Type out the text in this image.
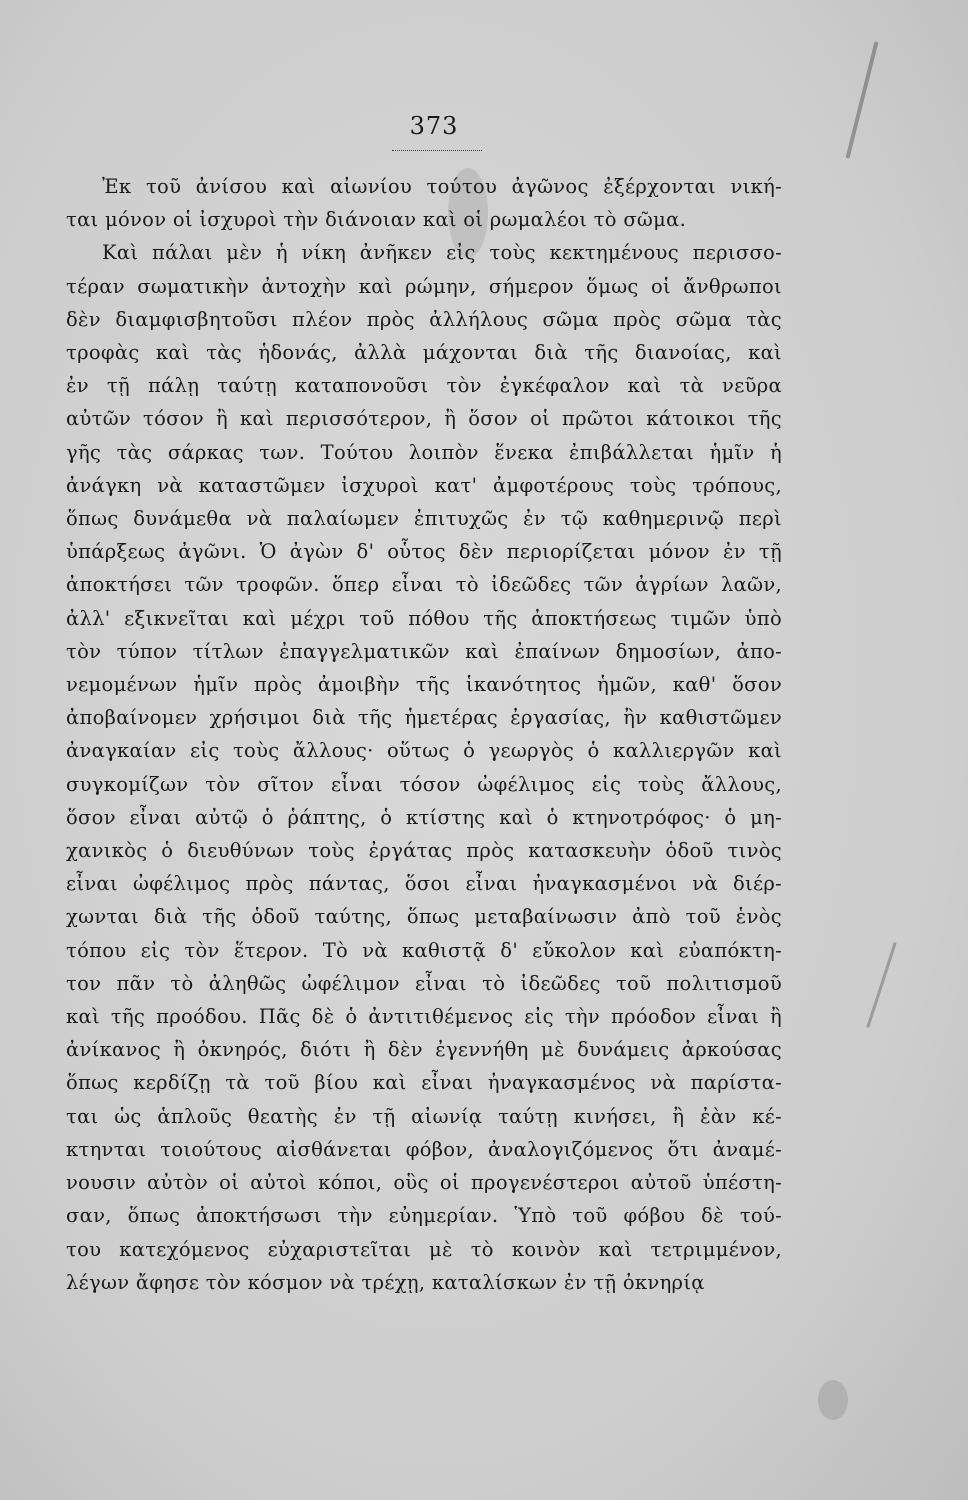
373
Ἐκ τοῦ ἀνίσου καὶ αἰωνίου τούτου ἀγῶνος ἐξέρχονται νική-
ται μόνον οἱ ἰσχυροὶ τὴν διάνοιαν καὶ οἱ ρωμαλέοι τὸ σῶμα.
Καὶ πάλαι μὲν ἡ νίκη ἀνῆκεν εἰς τοὺς κεκτημένους περισσο-
τέραν σωματικὴν ἀντοχὴν καὶ ρώμην, σήμερον ὅμως οἱ ἄνθρωποι
δὲν διαμφισβητοῦσι πλέον πρὸς ἀλλήλους σῶμα πρὸς σῶμα τὰς
τροφὰς καὶ τὰς ἡδονάς, ἀλλὰ μάχονται διὰ τῆς διανοίας, καὶ
ἐν τῇ πάλῃ ταύτῃ καταπονοῦσι τὸν ἐγκέφαλον καὶ τὰ νεῦρα
αὐτῶν τόσον ἢ καὶ περισσότερον, ἢ ὅσον οἱ πρῶτοι κάτοικοι τῆς
γῆς τὰς σάρκας των. Τούτου λοιπὸν ἕνεκα ἐπιβάλλεται ἡμῖν ἡ
ἀνάγκη νὰ καταστῶμεν ἰσχυροὶ κατ' ἀμφοτέρους τοὺς τρόπους,
ὅπως δυνάμεθα νὰ παλαίωμεν ἐπιτυχῶς ἐν τῷ καθημερινῷ περὶ
ὑπάρξεως ἀγῶνι. Ὁ ἀγὼν δ' οὗτος δὲν περιορίζεται μόνον ἐν τῇ
ἀποκτήσει τῶν τροφῶν. ὅπερ εἶναι τὸ ἰδεῶδες τῶν ἀγρίων λαῶν,
ἀλλ' εξικνεῖται καὶ μέχρι τοῦ πόθου τῆς ἀποκτήσεως τιμῶν ὑπὸ
τὸν τύπον τίτλων ἐπαγγελματικῶν καὶ ἐπαίνων δημοσίων, ἀπο-
νεμομένων ἡμῖν πρὸς ἀμοιβὴν τῆς ἱκανότητος ἡμῶν, καθ' ὅσον
ἀποβαίνομεν χρήσιμοι διὰ τῆς ἡμετέρας ἐργασίας, ἢν καθιστῶμεν
ἀναγκαίαν εἰς τοὺς ἄλλους· οὕτως ὁ γεωργὸς ὁ καλλιεργῶν καὶ
συγκομίζων τὸν σῖτον εἶναι τόσον ὠφέλιμος εἰς τοὺς ἄλλους,
ὅσον εἶναι αὐτῷ ὁ ῥάπτης, ὁ κτίστης καὶ ὁ κτηνοτρόφος· ὁ μη-
χανικὸς ὁ διευθύνων τοὺς ἐργάτας πρὸς κατασκευὴν ὁδοῦ τινὸς
εἶναι ὠφέλιμος πρὸς πάντας, ὅσοι εἶναι ἠναγκασμένοι νὰ διέρ-
χωνται διὰ τῆς ὁδοῦ ταύτης, ὅπως μεταβαίνωσιν ἀπὸ τοῦ ἑνὸς
τόπου εἰς τὸν ἕτερον. Τὸ νὰ καθιστᾷ δ' εὔκολον καὶ εὐαπόκτη-
τον πᾶν τὸ ἀληθῶς ὠφέλιμον εἶναι τὸ ἰδεῶδες τοῦ πολιτισμοῦ
καὶ τῆς προόδου. Πᾶς δὲ ὁ ἀντιτιθέμενος εἰς τὴν πρόοδον εἶναι ἢ
ἀνίκανος ἢ ὀκνηρός, διότι ἢ δὲν ἐγεννήθη μὲ δυνάμεις ἀρκούσας
ὅπως κερδίζῃ τὰ τοῦ βίου καὶ εἶναι ἠναγκασμένος νὰ παρίστα-
ται ὡς ἁπλοῦς θεατὴς ἐν τῇ αἰωνίᾳ ταύτῃ κινήσει, ἢ ἐὰν κέ-
κτηνται τοιούτους αἰσθάνεται φόβον, ἀναλογιζόμενος ὅτι ἀναμέ-
νουσιν αὐτὸν οἱ αὐτοὶ κόποι, οὓς οἱ προγενέστεροι αὐτοῦ ὑπέστη-
σαν, ὅπως ἀποκτήσωσι τὴν εὐημερίαν. Ὑπὸ τοῦ φόβου δὲ τού-
του κατεχόμενος εὐχαριστεῖται μὲ τὸ κοινὸν καὶ τετριμμένον,
λέγων ἄφησε τὸν κόσμον νὰ τρέχῃ, καταλίσκων ἐν τῇ ὀκνηρίᾳ
